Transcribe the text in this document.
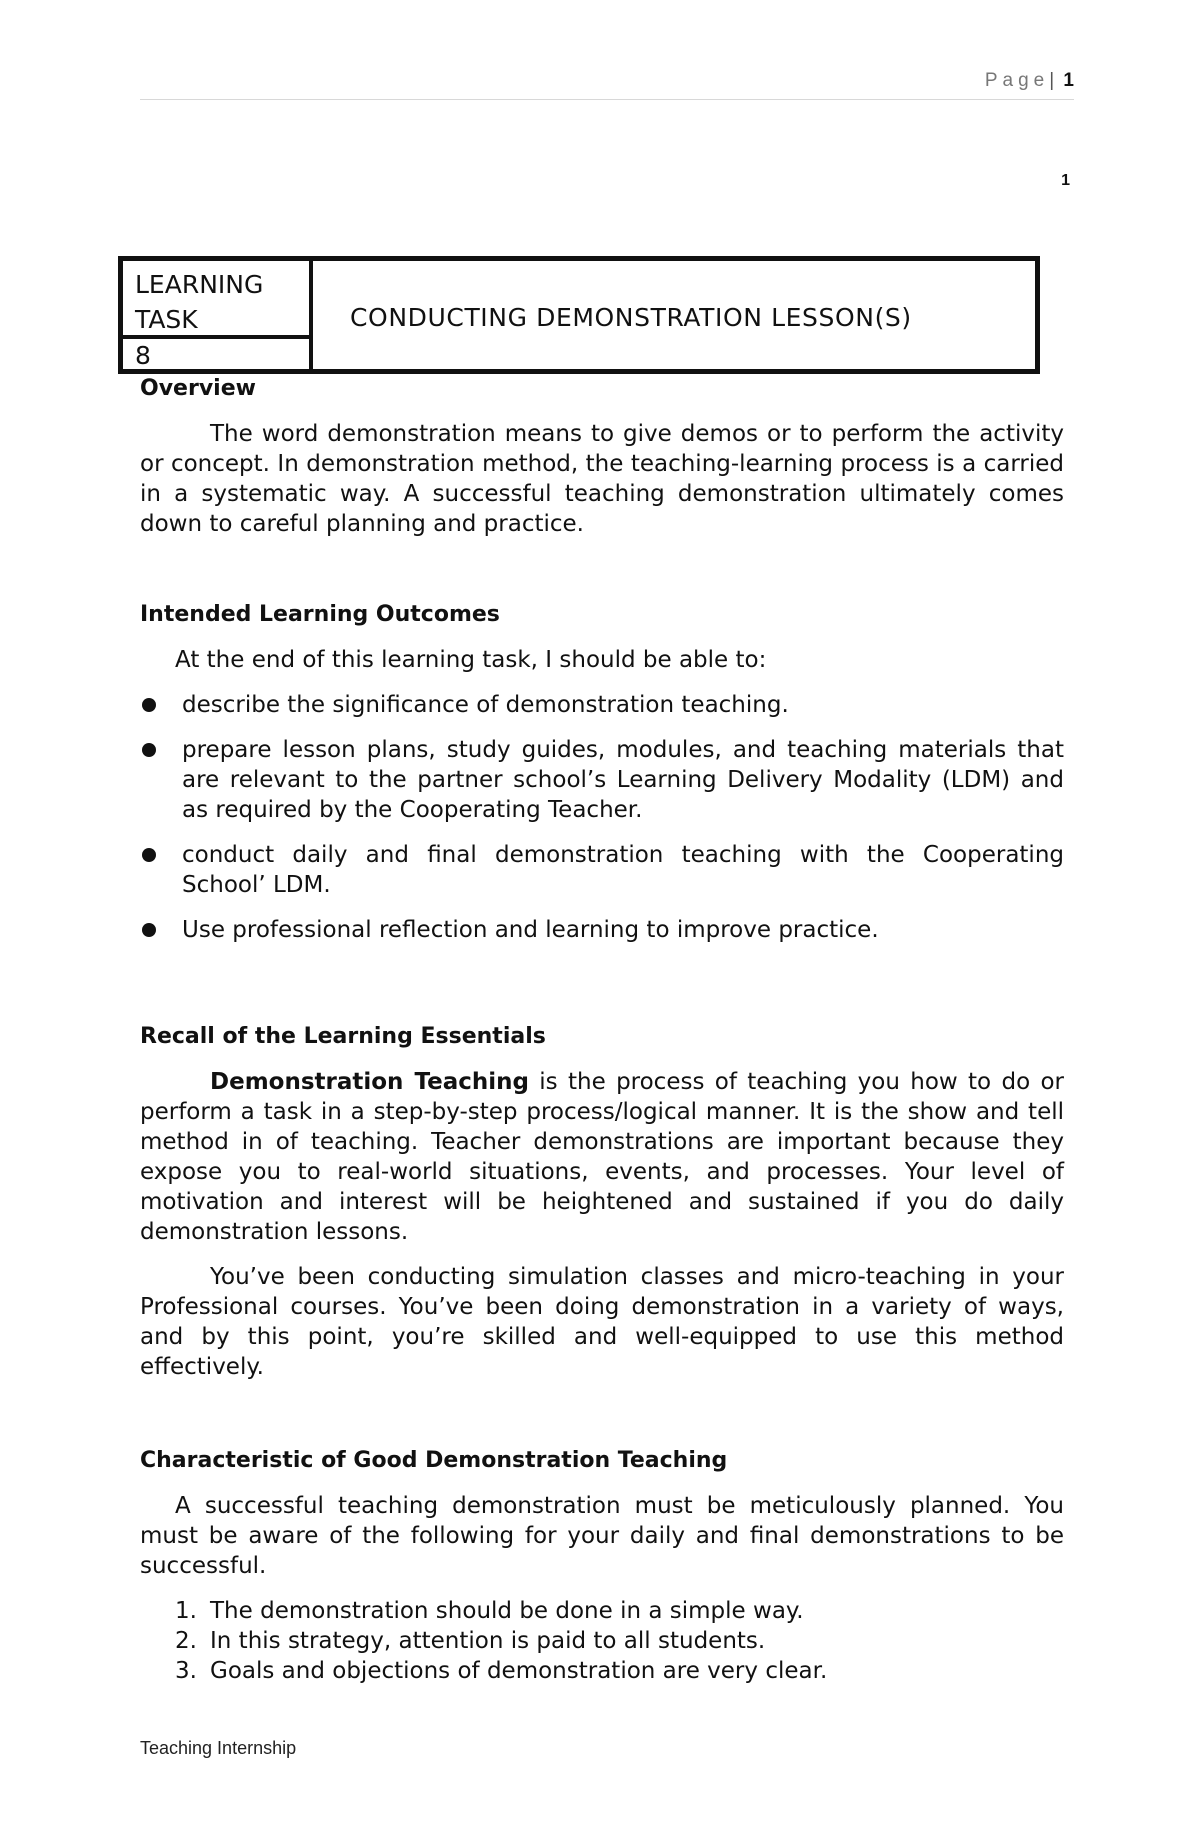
Page| 1
1
LEARNING TASK
8
CONDUCTING DEMONSTRATION LESSON(S)
Overview

The word demonstration means to give demos or to perform the activity or concept. In demonstration method, the teaching-learning process is a carried in a systematic way. A successful teaching demonstration ultimately comes down to careful planning and practice.

Intended Learning Outcomes

At the end of this learning task, I should be able to:

describe the significance of demonstration teaching.
prepare lesson plans, study guides, modules, and teaching materials that are relevant to the partner school’s Learning Delivery Modality (LDM) and as required by the Cooperating Teacher.
conduct daily and final demonstration teaching with the Cooperating School’ LDM.
Use professional reflection and learning to improve practice.
Recall of the Learning Essentials

Demonstration Teaching is the process of teaching you how to do or perform a task in a step-by-step process/logical manner. It is the show and tell method in of teaching. Teacher demonstrations are important because they expose you to real-world situations, events, and processes. Your level of motivation and interest will be heightened and sustained if you do daily demonstration lessons.

You’ve been conducting simulation classes and micro-teaching in your Professional courses. You’ve been doing demonstration in a variety of ways, and by this point, you’re skilled and well-equipped to use this method effectively.

Characteristic of Good Demonstration Teaching

A successful teaching demonstration must be meticulously planned. You must be aware of the following for your daily and final demonstrations to be successful.

1. The demonstration should be done in a simple way.
2. In this strategy, attention is paid to all students.
3. Goals and objections of demonstration are very clear.
Teaching Internship
